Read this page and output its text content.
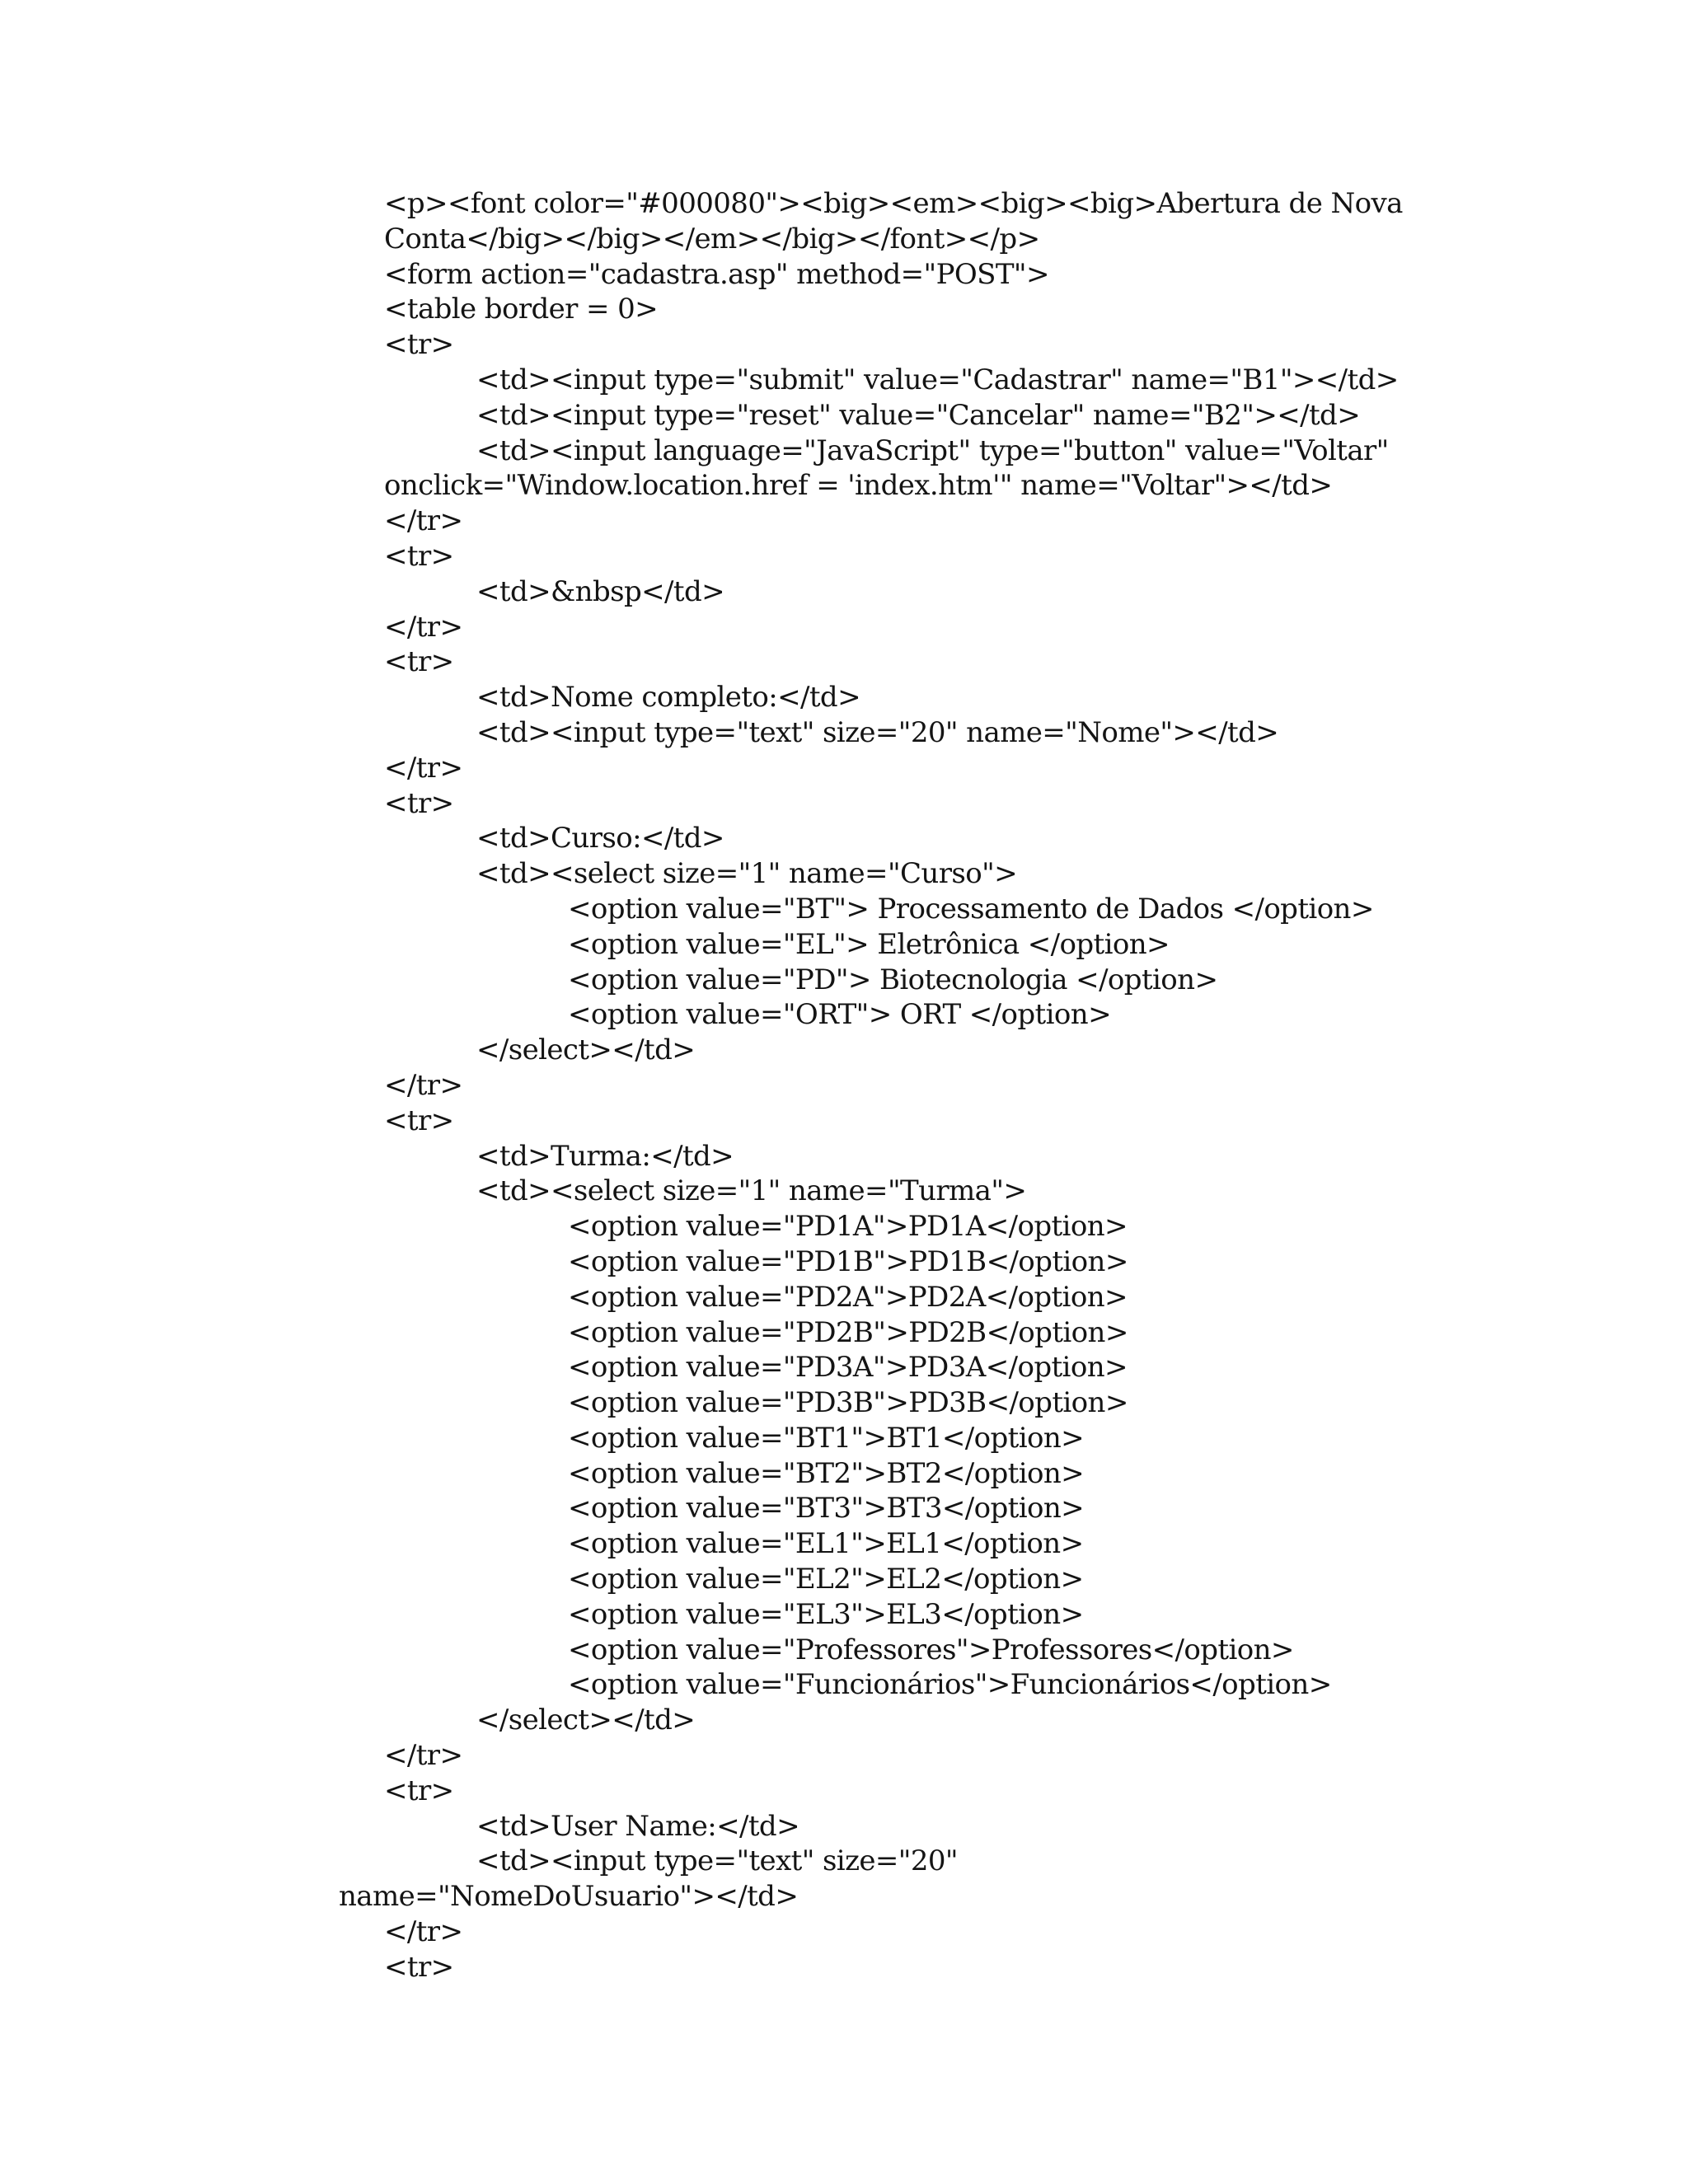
<p><font color="#000080"><big><em><big><big>Abertura de Nova
Conta</big></big></em></big></font></p>
<form action="cadastra.asp" method="POST">
<table border = 0>
<tr>
<td><input type="submit" value="Cadastrar" name="B1"></td>
<td><input type="reset" value="Cancelar" name="B2"></td>
<td><input language="JavaScript" type="button" value="Voltar"
onclick="Window.location.href = 'index.htm'" name="Voltar"></td>
</tr>
<tr>
<td>&nbsp</td>
</tr>
<tr>
<td>Nome completo:</td>
<td><input type="text" size="20" name="Nome"></td>
</tr>
<tr>
<td>Curso:</td>
<td><select size="1" name="Curso">
<option value="BT"> Processamento de Dados </option>
<option value="EL"> Eletrônica </option>
<option value="PD"> Biotecnologia </option>
<option value="ORT"> ORT </option>
</select></td>
</tr>
<tr>
<td>Turma:</td>
<td><select size="1" name="Turma">
<option value="PD1A">PD1A</option>
<option value="PD1B">PD1B</option>
<option value="PD2A">PD2A</option>
<option value="PD2B">PD2B</option>
<option value="PD3A">PD3A</option>
<option value="PD3B">PD3B</option>
<option value="BT1">BT1</option>
<option value="BT2">BT2</option>
<option value="BT3">BT3</option>
<option value="EL1">EL1</option>
<option value="EL2">EL2</option>
<option value="EL3">EL3</option>
<option value="Professores">Professores</option>
<option value="Funcionários">Funcionários</option>
</select></td>
</tr>
<tr>
<td>User Name:</td>
<td><input type="text" size="20"
name="NomeDoUsuario"></td>
</tr>
<tr>
